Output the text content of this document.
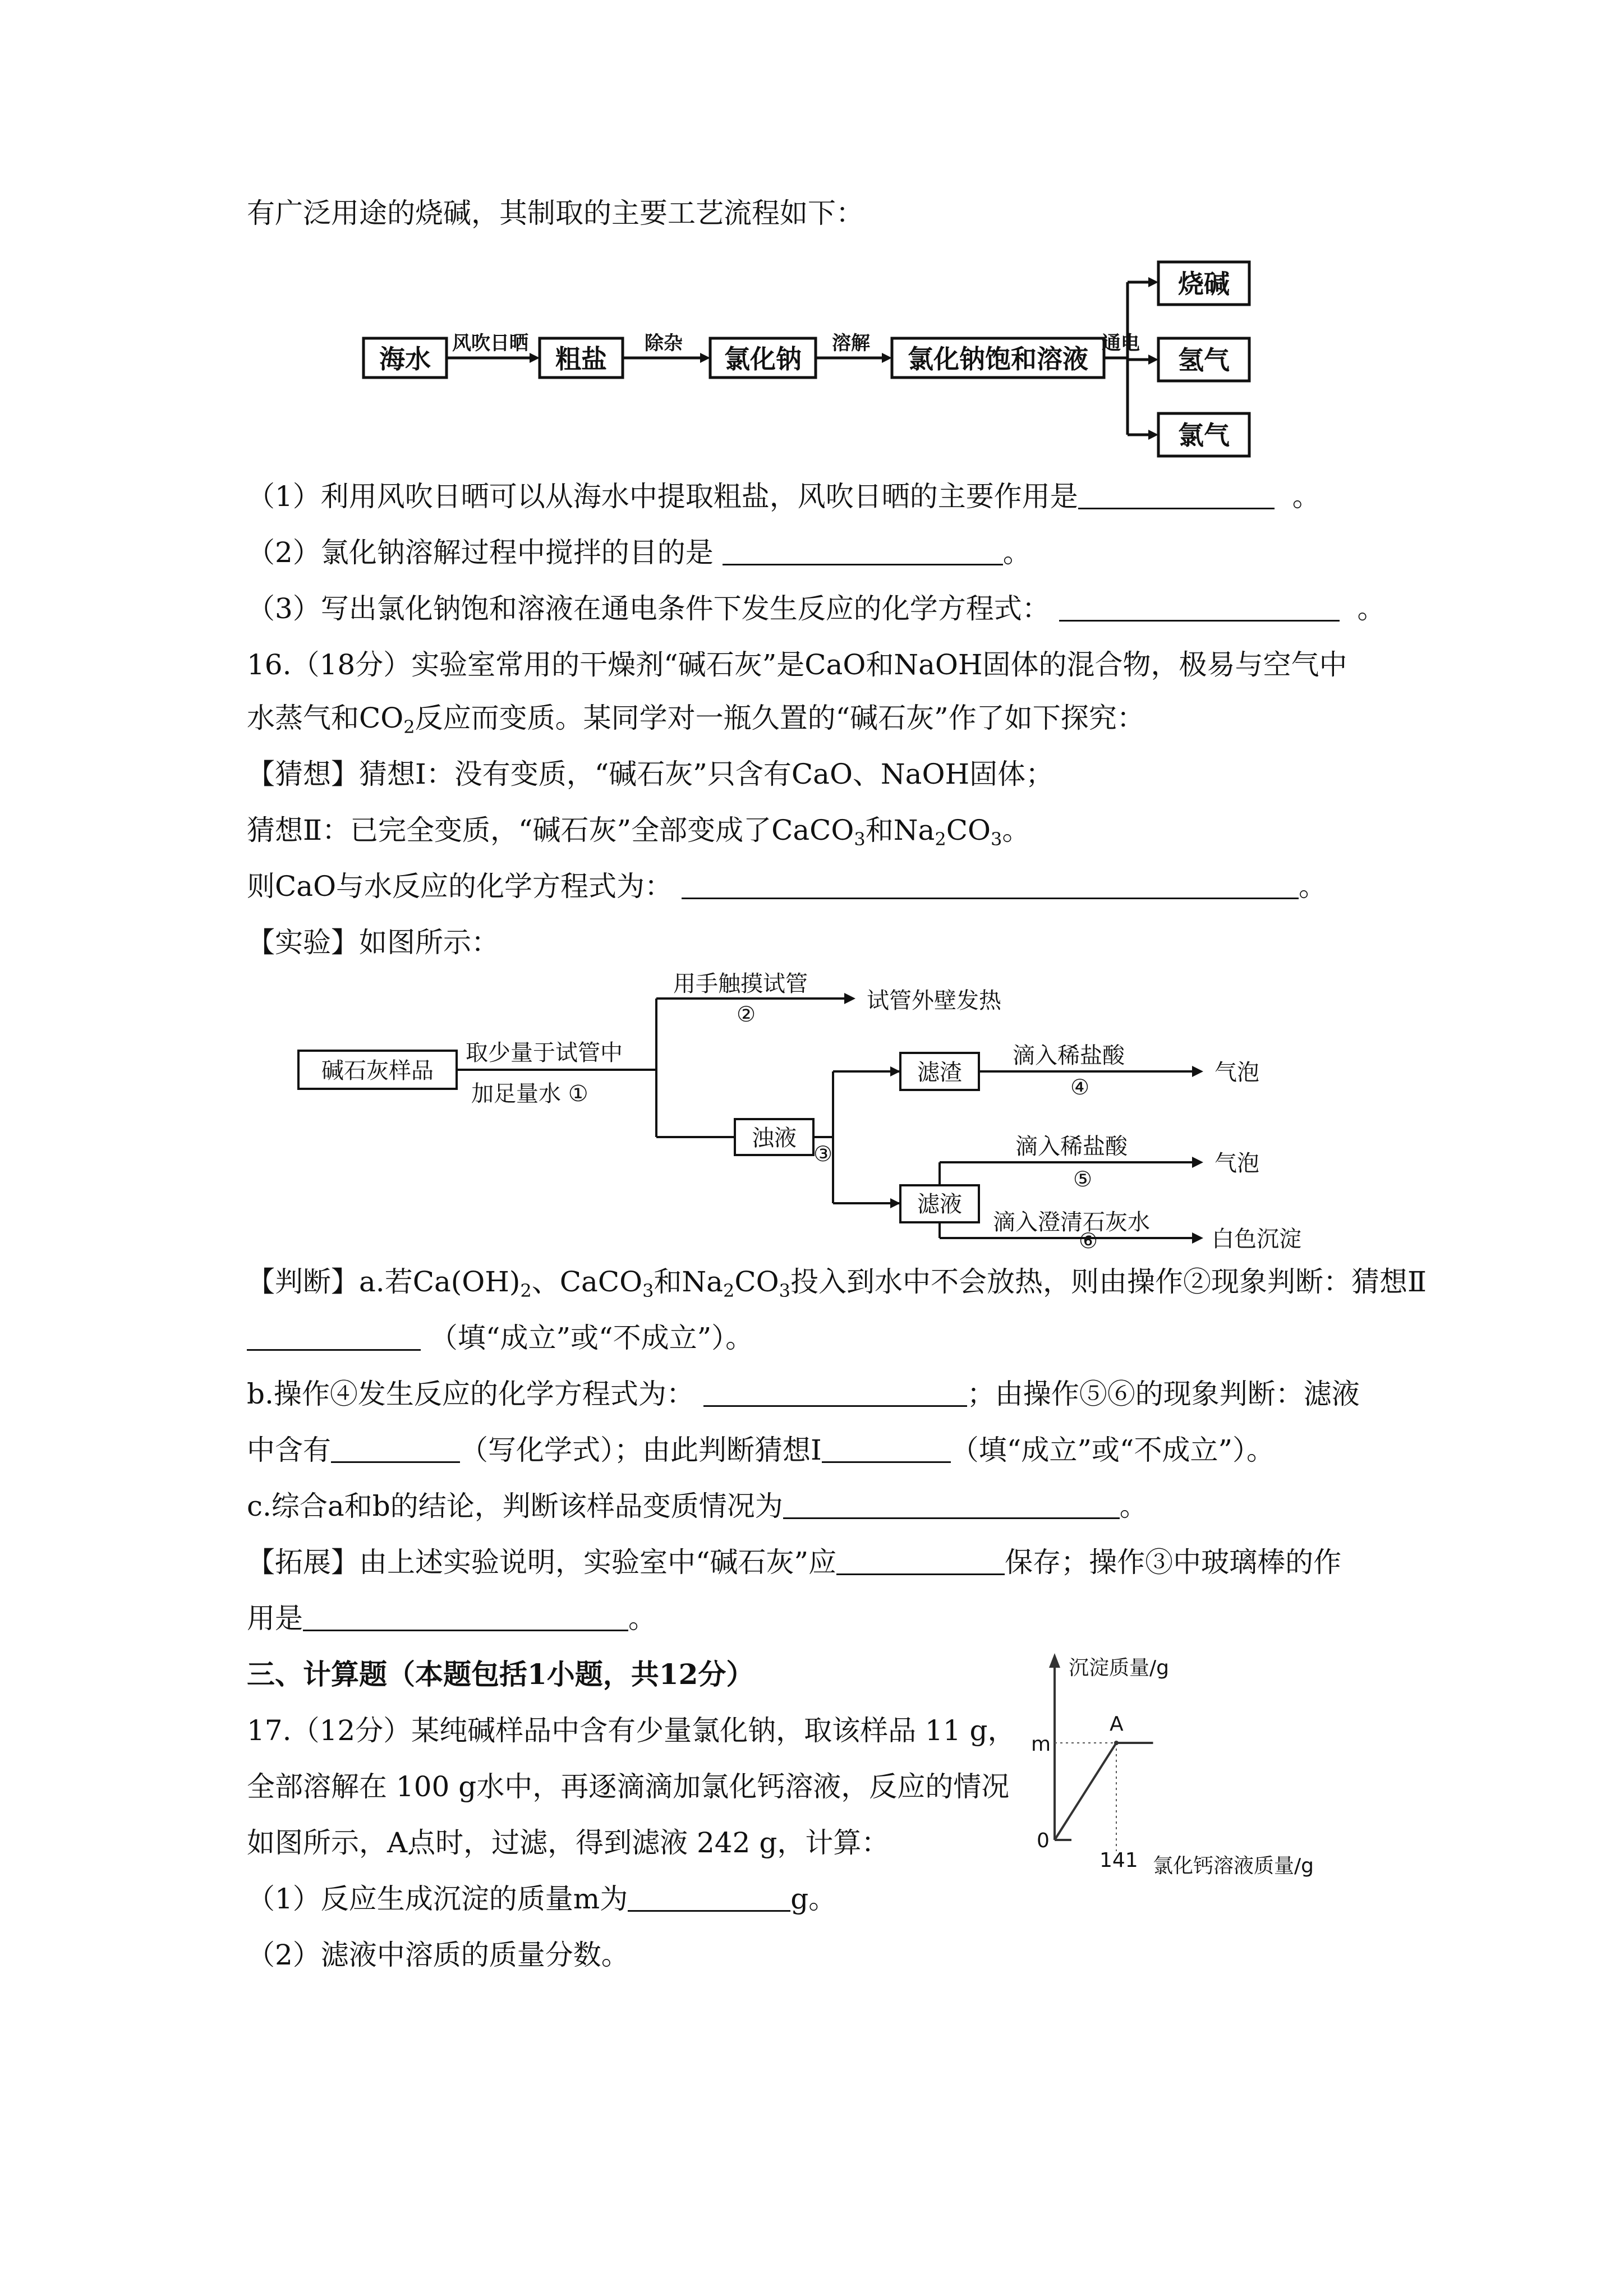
有广泛用途的烧碱，其制取的主要工艺流程如下：
海水	粗盐	氯化钠	氯化钠饱和溶液
烧碱
氢气
氯气
风吹日晒	除杂	溶解	通电
（1）利用风吹日晒可以从海水中提取粗盐，风吹日晒的主要作用是	。
（2）氯化钠溶解过程中搅拌的目的是	。
（3）写出氯化钠饱和溶液在通电条件下发生反应的化学方程式：	。
16.（18分）实验室常用的干燥剂“碱石灰”是CaO和NaOH固体的混合物，极易与空气中
水蒸气和$CO_2$反应而变质。某同学对一瓶久置的“碱石灰”作了如下探究：
【猜想】猜想Ⅰ：没有变质，“碱石灰”只含有CaO、NaOH固体；
猜想Ⅱ：已完全变质，“碱石灰”全部变成了CaCO$_3$和$Na_2CO_3$。
则CaO与水反应的化学方程式为：	。
【实验】如图所示：
碱石灰样品
取少量于试管中
加足量水 ①
用手触摸试管
②
试管外壁发热
浊液
③
滤渣
滴入稀盐酸
④
气泡
滤液
滴入稀盐酸
⑤
气泡
滴入澄清石灰水
⑥	白色沉淀
【判断】a.若$Ca(OH)_2$、CaCO$_3$和$Na_2CO_3$投入到水中不会放热，则由操作②现象判断：猜想Ⅱ
（填“成立”或“不成立”）。
b.操作④发生反应的化学方程式为：	；由操作⑤⑥的现象判断：滤液
中含有	（写化学式）；由此判断猜想Ⅰ	（填“成立”或“不成立”）。
c.综合a和b的结论，判断该样品变质情况为	。
【拓展】由上述实验说明，实验室中“碱石灰”应	保存；操作③中玻璃棒的作
用是	。
三、计算题（本题包括1小题，共12分）
17.（12分）某纯碱样品中含有少量氯化钠，取该样品 11 g，
全部溶解在 100 g水中，再逐滴滴加氯化钙溶液，反应的情况
如图所示，A点时，过滤，得到滤液 242 g，计算：
（1）反应生成沉淀的质量m为	g。
（2）滤液中溶质的质量分数。
沉淀质量/g
氯化钙溶液质量/g
0
m
141
A
